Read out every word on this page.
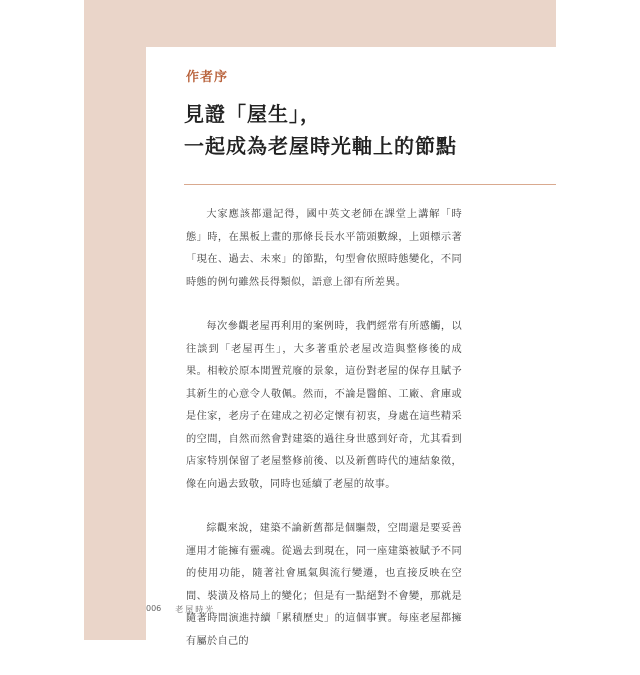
作者序
見證「屋生」，
一起成為老屋時光軸上的節點

大家應該都還記得，國中英文老師在課堂上講解「時態」時，在黑板上畫的那條長長水平箭頭數線，上頭標示著「現在、過去、未來」的節點，句型會依照時態變化，不同時態的例句雖然長得類似，語意上卻有所差異。

每次參觀老屋再利用的案例時，我們經常有所感觸，以往談到「老屋再生」，大多著重於老屋改造與整修後的成果。相較於原本閒置荒廢的景象，這份對老屋的保存且賦予其新生的心意令人敬佩。然而，不論是醫館、工廠、倉庫或是住家，老房子在建成之初必定懷有初衷，身處在這些精采的空間，自然而然會對建築的過往身世感到好奇，尤其看到店家特別保留了老屋整修前後、以及新舊時代的連結象徵，像在向過去致敬，同時也延續了老屋的故事。

綜觀來說，建築不論新舊都是個驅殼，空間還是要妥善運用才能擁有靈魂。從過去到現在，同一座建築被賦予不同的使用功能，隨著社會風氣與流行變遷，也直接反映在空間、裝潢及格局上的變化；但是有一點絕對不會變，那就是隨著時間演進持續「累積歷史」的這個事實。每座老屋都擁有屬於自己的

006 老屋時光
